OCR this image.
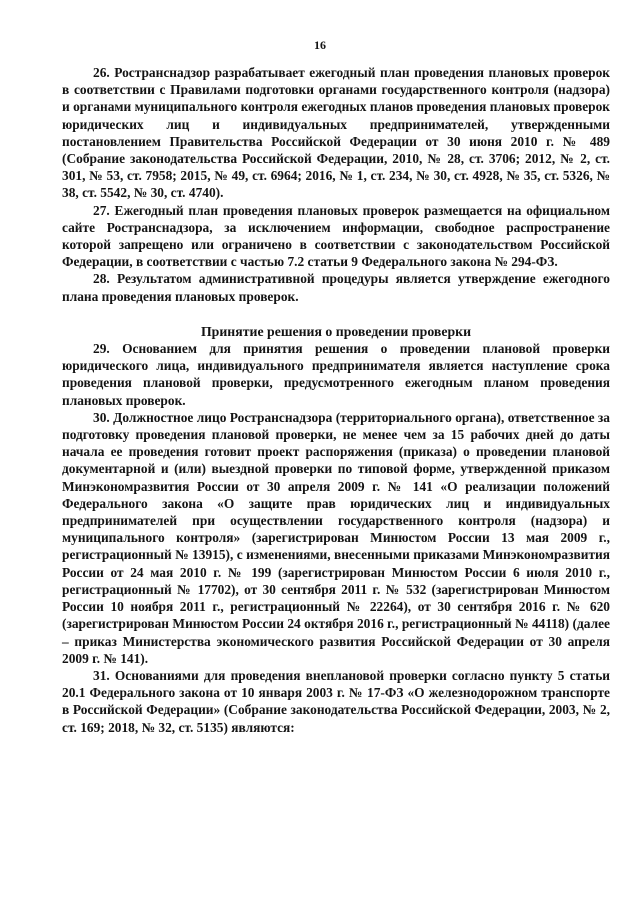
16

26. Ространснадзор разрабатывает ежегодный план проведения плановых проверок в соответствии с Правилами подготовки органами государственного контроля (надзора) и органами муниципального контроля ежегодных планов проведения плановых проверок юридических лиц и индивидуальных предпринимателей, утвержденными постановлением Правительства Российской Федерации от 30 июня 2010 г. № 489 (Собрание законодательства Российской Федерации, 2010, № 28, ст. 3706; 2012, № 2, ст. 301, № 53, ст. 7958; 2015, № 49, ст. 6964; 2016, № 1, ст. 234, № 30, ст. 4928, № 35, ст. 5326, № 38, ст. 5542, № 30, ст. 4740).

27. Ежегодный план проведения плановых проверок размещается на официальном сайте Ространснадзора, за исключением информации, свободное распространение которой запрещено или ограничено в соответствии с законодательством Российской Федерации, в соответствии с частью 7.2 статьи 9 Федерального закона № 294-ФЗ.

28. Результатом административной процедуры является утверждение ежегодного плана проведения плановых проверок.

Принятие решения о проведении проверки

29. Основанием для принятия решения о проведении плановой проверки юридического лица, индивидуального предпринимателя является наступление срока проведения плановой проверки, предусмотренного ежегодным планом проведения плановых проверок.

30. Должностное лицо Ространснадзора (территориального органа), ответственное за подготовку проведения плановой проверки, не менее чем за 15 рабочих дней до даты начала ее проведения готовит проект распоряжения (приказа) о проведении плановой документарной и (или) выездной проверки по типовой форме, утвержденной приказом Минэкономразвития России от 30 апреля 2009 г. № 141 «О реализации положений Федерального закона «О защите прав юридических лиц и индивидуальных предпринимателей при осуществлении государственного контроля (надзора) и муниципального контроля» (зарегистрирован Минюстом России 13 мая 2009 г., регистрационный № 13915), с изменениями, внесенными приказами Минэкономразвития России от 24 мая 2010 г. № 199 (зарегистрирован Минюстом России 6 июля 2010 г., регистрационный № 17702), от 30 сентября 2011 г. № 532 (зарегистрирован Минюстом России 10 ноября 2011 г., регистрационный № 22264), от 30 сентября 2016 г. № 620 (зарегистрирован Минюстом России 24 октября 2016 г., регистрационный № 44118) (далее – приказ Министерства экономического развития Российской Федерации от 30 апреля 2009 г. № 141).

31. Основаниями для проведения внеплановой проверки согласно пункту 5 статьи 20.1 Федерального закона от 10 января 2003 г. № 17-ФЗ «О железнодорожном транспорте в Российской Федерации» (Собрание законодательства Российской Федерации, 2003, № 2, ст. 169; 2018, № 32, ст. 5135) являются:
